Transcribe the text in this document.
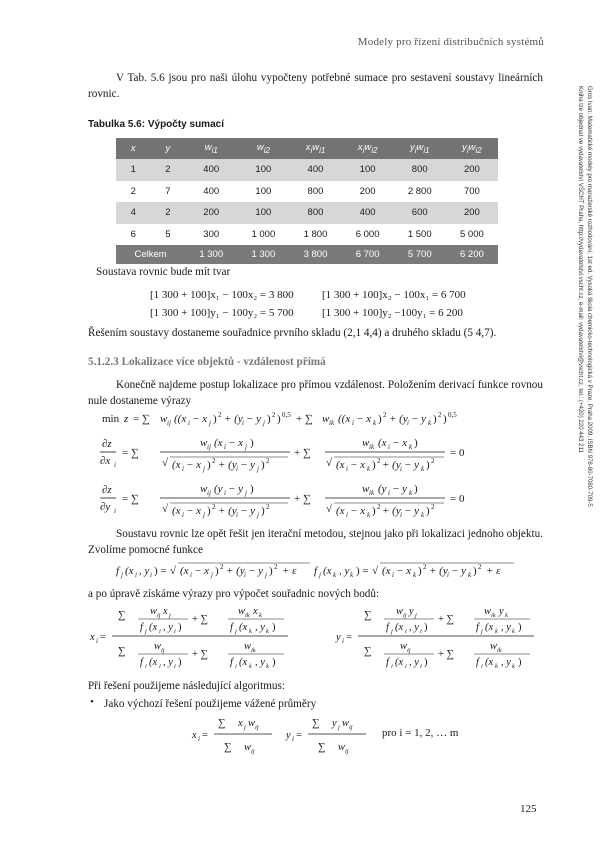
Modely pro řízení distribučních systémů
Gros Ivan: Matematické modely pro manažerské rozhodování, 1st ed. Vysoká škola chemicko-technologická v Praze, Praha 2009, ISBN 978-80-7080-709-5
Kniha lze objednat ve vydavatelství VŠCHT Praha, http://vydavatelstvi.vscht.cz, e-mail: vydavatelstvi@vscht.cz, tel.: (+420) 220 443 211
V Tab. 5.6 jsou pro naši úlohu vypočteny potřebné sumace pro sestavení soustavy lineárních rovnic.
Tabulka 5.6: Výpočty sumací
x	y	$w_{i1}$	$w_{i2}$	$x_iw_{i1}$	$x_iw_{i2}$	$y_iw_{i1}$	$y_iw_{i2}$
1	2	400	100	400	100	800	200
2	7	400	100	800	200	2 800	700
4	2	200	100	800	400	600	200
6	5	300	1 000	1 800	6 000	1 500	5 000
Celkem		1 300	1 300	3 800	6 700	5 700	6 200
Soustava rovnic bude mít tvar
[1 300 + 100]x₁ − 100x₂ = 3 800	[1 300 + 100]x₂ − 100x₁ = 6 700
[1 300 + 100]y₁ − 100y₂ = 5 700	[1 300 + 100]y₂ −100y₁ = 6 200
Řešením soustavy dostaneme souřadnice prvního skladu (2,1 4,4) a druhého skladu (5 4,7).
5.1.2.3 Lokalizace více objektů - vzdálenost přímá
Konečně najdeme postup lokalizace pro přímou vzdálenost. Položením derivací funkce rovnou nule dostaneme výrazy
min z = ∑ w ij ((x i − x j ) 2 + (y i − y j ) 2 ) 0,5 + ∑ w ik ((x i − x k ) 2 + (y i − y k ) 2 ) 0,5
∂z
∂x i
= ∑
w ij (x i − x j )
√ (x i − x j ) 2 + (y i − y j ) 2
+ ∑
w ik (x i − x k )
√ (x i − x k ) 2 + (y i − y k ) 2
= 0
∂z
∂y i
= ∑
w ij (y i − y j )
√ (x i − x j ) 2 + (y i − y j ) 2
+ ∑
w ik (y i − y k )
√ (x i − x k ) 2 + (y i − y k ) 2
= 0
Soustavu rovnic lze opět řešit jen iterační metodou, stejnou jako při lokalizaci jednoho objektu. Zvolíme pomocné funkce
f j (x i , y i ) = √ (x i − x j ) 2 + (y i − y j ) 2 + ε f j (x k , y k ) = √ (x i − x k ) 2 + (y i − y k ) 2 + ε
a po úpravě získáme výrazy pro výpočet souřadnic nových bodů:
x i =
∑ w ij x j
f j (x i , y i )
+ ∑
w ik x k
f j (x k , y k )
∑	w ij
f j (x i , y i )
+ ∑
w ik
f j (x k , y k )
y i =
∑ w ij y j
f j (x i , y i )
+ ∑
w ik y k
f j (x k , y k )
∑	w ij
f j (x i , y i )
+ ∑
w ik
f j (x k , y k )
Při řešení použijeme následující algoritmus:
• Jako výchozí řešení použijeme vážené průměry
x i =
∑ x j w ij
∑ w ij
y i =
∑ y j w ij
∑ w ij
pro i = 1, 2, … m
125
